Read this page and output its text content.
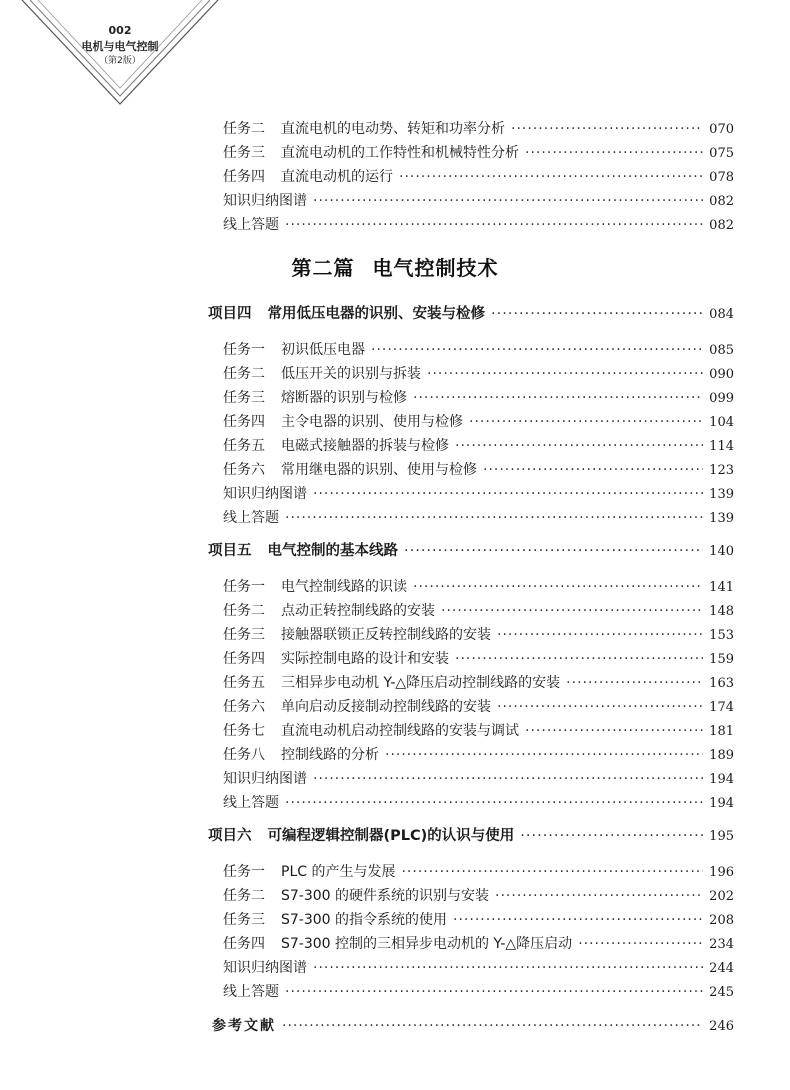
002
电机与电气控制
（第2版）
第二篇 电气控制技术
任务二 直流电机的电动势、转矩和功率分析 ·····	070
任务三 直流电动机的工作特性和机械特性分析 ·····	075
任务四 直流电动机的运行 ·····	078
知识归纳图谱 ·····	082
线上答题 ·····	082
项目四 常用低压电器的识别、安装与检修 ·····	084
任务一 初识低压电器 ·····	085
任务二 低压开关的识别与拆装 ·····	090
任务三 熔断器的识别与检修 ·····	099
任务四 主令电器的识别、使用与检修 ·····	104
任务五 电磁式接触器的拆装与检修 ·····	114
任务六 常用继电器的识别、使用与检修 ·····	123
知识归纳图谱 ·····	139
线上答题 ·····	139
项目五 电气控制的基本线路 ·····	140
任务一 电气控制线路的识读 ·····	141
任务二 点动正转控制线路的安装 ·····	148
任务三 接触器联锁正反转控制线路的安装 ·····	153
任务四 实际控制电路的设计和安装 ·····	159
任务五 三相异步电动机 Y-△降压启动控制线路的安装 ·····	163
任务六 单向启动反接制动控制线路的安装 ·····	174
任务七 直流电动机启动控制线路的安装与调试 ·····	181
任务八 控制线路的分析 ·····	189
知识归纳图谱 ·····	194
线上答题 ·····	194
项目六 可编程逻辑控制器(PLC)的认识与使用 ·····	195
任务一 PLC 的产生与发展 ·····	196
任务二 S7-300 的硬件系统的识别与安装 ·····	202
任务三 S7-300 的指令系统的使用 ·····	208
任务四 S7-300 控制的三相异步电动机的 Y-△降压启动 ·····	234
知识归纳图谱 ·····	244
线上答题 ·····	245
参考文献 ·····	246
